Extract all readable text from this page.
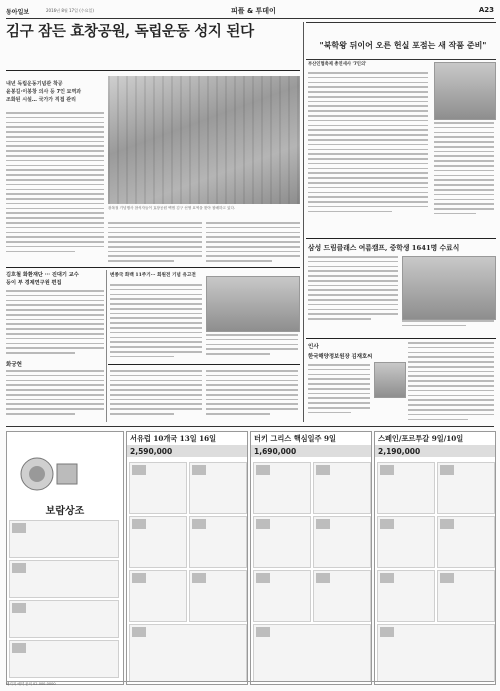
동아일보	2016년 8월 17일 (수요일)	피플 & 투데이	A23
김구 잠든 효창공원, 독립운동 성지 된다
내년 독립운동기념관 착공
윤봉길·이봉창 의사 등 7인 묘역과
조화된 시설… 국가가 직접 관리
광복절 기념행사 참석자들이 효창공원 백범 김구 선생 묘역을 찾아 참배하고 있다.
김호철 화환재단 ··· 진대기 교수
등이 부 경제연구원 편집
화궁헌
변종국 화백 11주기··· 회원전 기념 유고전
"북학왕 뒤이어 오른 헌실 포점는 새 작품 준비"
부산인협축제 총연새사 '7인의'
삼성 드림클래스 여름캠프, 중학생 1641명 수료식
인사
한국해양정보원장 김재호씨
보람상조
서유럽 10개국 13일 16일
2,590,000
터키 그리스 핵심일주 9일
1,690,000
스페인/포르투갈 9일/10일
2,190,000
패키지 예약 문의 02-000-0000
